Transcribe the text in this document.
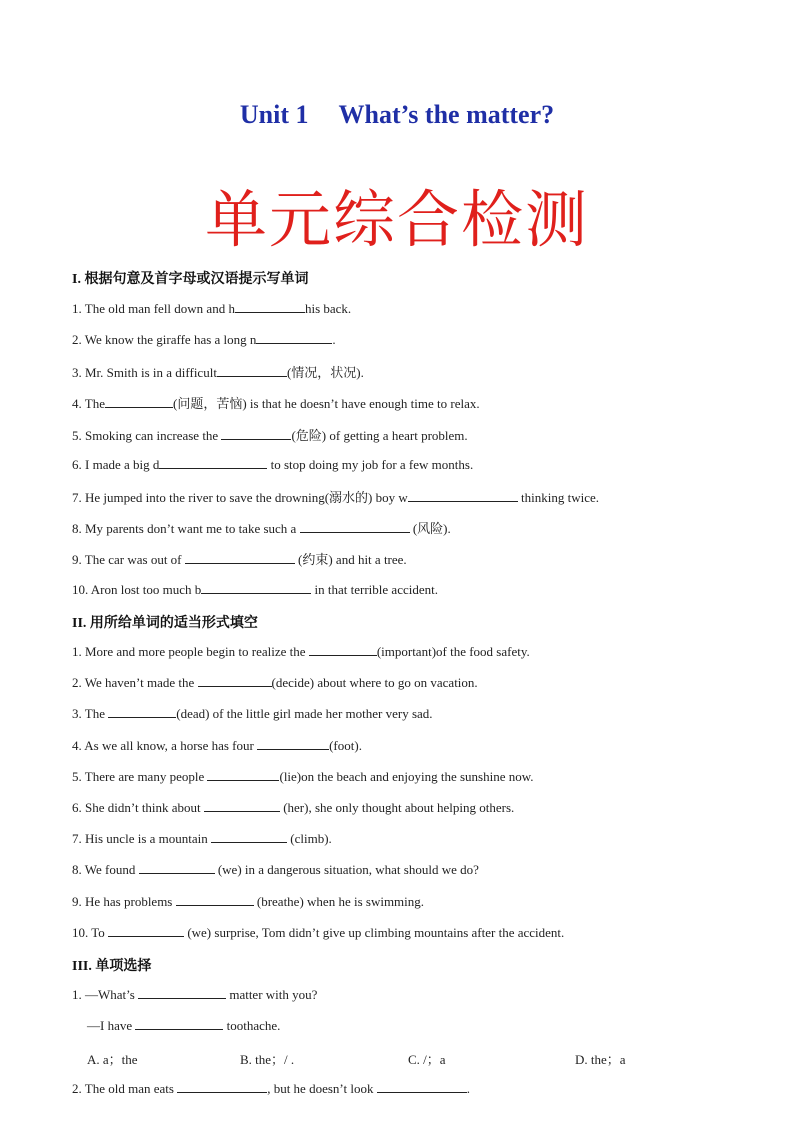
Unit 1 What’s the matter?
单元综合检测
I. 根据句意及首字母或汉语提示写单词
1. The old man fell down and h	his back.
2. We know the giraffe has a long n	.
3. Mr. Smith is in a difficult	(情况，状况).
4. The	(问题，苦恼) is that he doesn’t have enough time to relax.
5. Smoking can increase the	(危险) of getting a heart problem.
6. I made a big d	to stop doing my job for a few months.
7. He jumped into the river to save the drowning(溺水的) boy w	thinking twice.
8. My parents don’t want me to take such a	(风险).
9. The car was out of	(约束) and hit a tree.
10. Aron lost too much b	in that terrible accident.
II. 用所给单词的适当形式填空
1. More and more people begin to realize the	(important)of the food safety.
2. We haven’t made the	(decide) about where to go on vacation.
3. The	(dead) of the little girl made her mother very sad.
4. As we all know, a horse has four	(foot).
5. There are many people	(lie)on the beach and enjoying the sunshine now.
6. She didn’t think about	(her), she only thought about helping others.
7. His uncle is a mountain	(climb).
8. We found	(we) in a dangerous situation, what should we do?
9. He has problems	(breathe) when he is swimming.
10. To	(we) surprise, Tom didn’t give up climbing mountains after the accident.
III. 单项选择
1. —What’s	matter with you?
—I have	toothache.
A. a；the	B. the；/ .	C. /；a	D. the；a
2. The old man eats	, but he doesn’t look	.
